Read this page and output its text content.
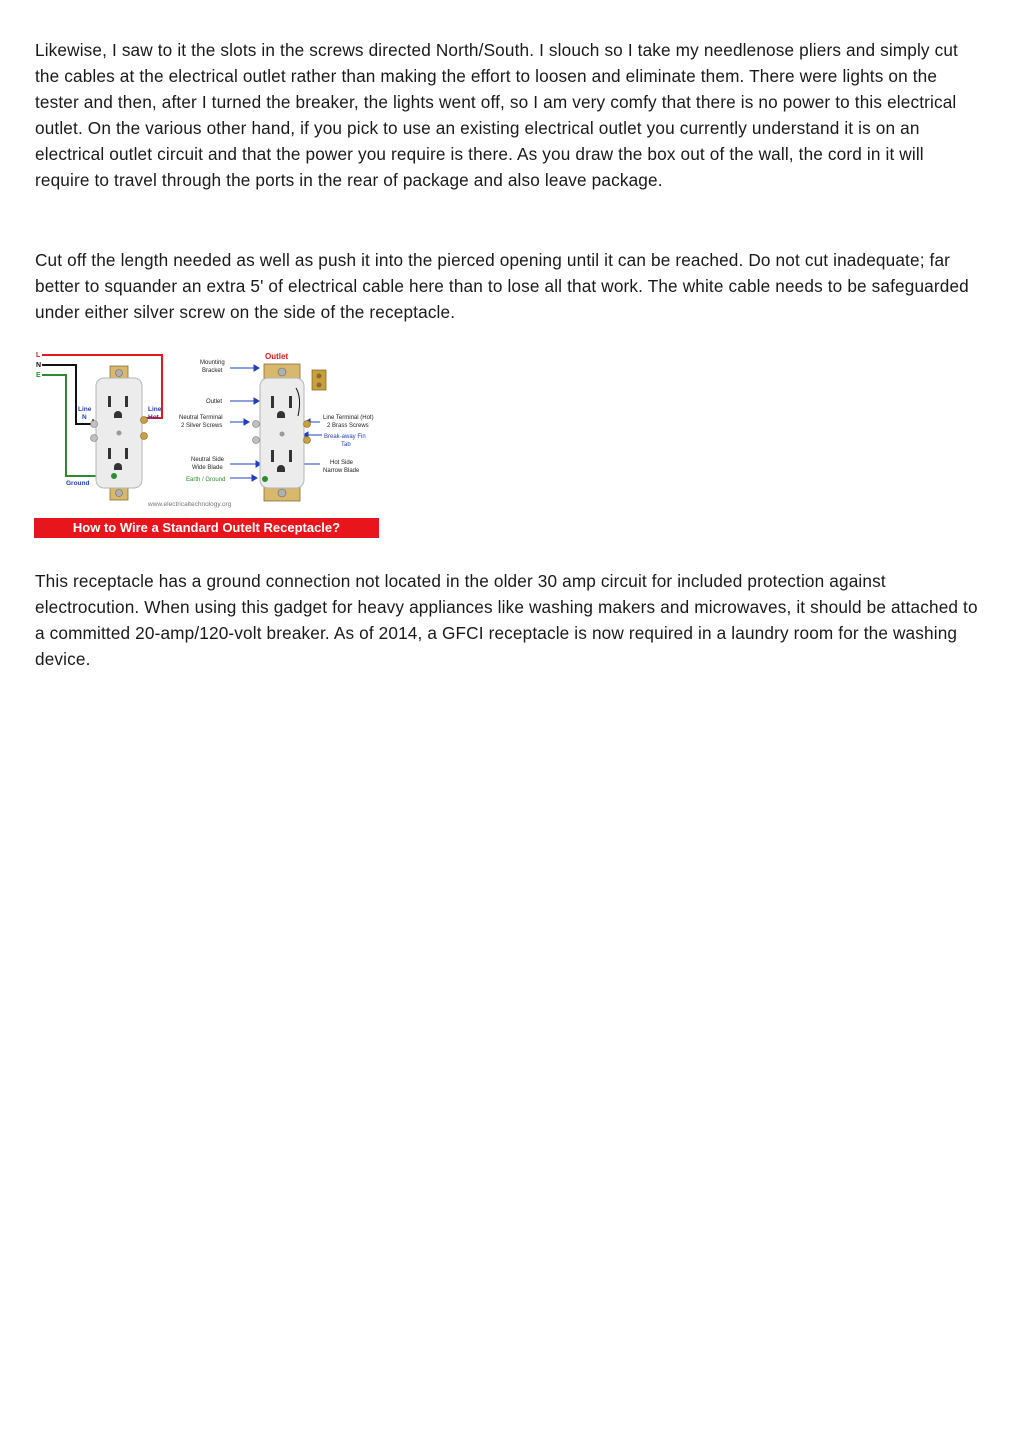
Likewise, I saw to it the slots in the screws directed North/South. I slouch so I take my needlenose pliers and simply cut the cables at the electrical outlet rather than making the effort to loosen and eliminate them. There were lights on the tester and then, after I turned the breaker, the lights went off, so I am very comfy that there is no power to this electrical outlet. On the various other hand, if you pick to use an existing electrical outlet you currently understand it is on an electrical outlet circuit and that the power you require is there. As you draw the box out of the wall, the cord in it will require to travel through the ports in the rear of package and also leave package.

Cut off the length needed as well as push it into the pierced opening until it can be reached. Do not cut inadequate; far better to squander an extra 5' of electrical cable here than to lose all that work. The white cable needs to be safeguarded under either silver screw on the side of the receptacle.

L
N
E
Line
N
Line
Hot
Ground
Outlet
Mounting
Bracket
Outlet
Neutral Terminal
2 Silver Screws
Neutral Side
Wide Blade
Earth / Ground
Line Terminal (Hot)
2 Brass Screws
Break-away Fin
Tab
Hot Side
Narrow Blade
www.electricaltechnology.org
How to Wire a Standard Outelt Receptacle?

This receptacle has a ground connection not located in the older 30 amp circuit for included protection against electrocution. When using this gadget for heavy appliances like washing makers and microwaves, it should be attached to a committed 20-amp/120-volt breaker. As of 2014, a GFCI receptacle is now required in a laundry room for the washing device.
